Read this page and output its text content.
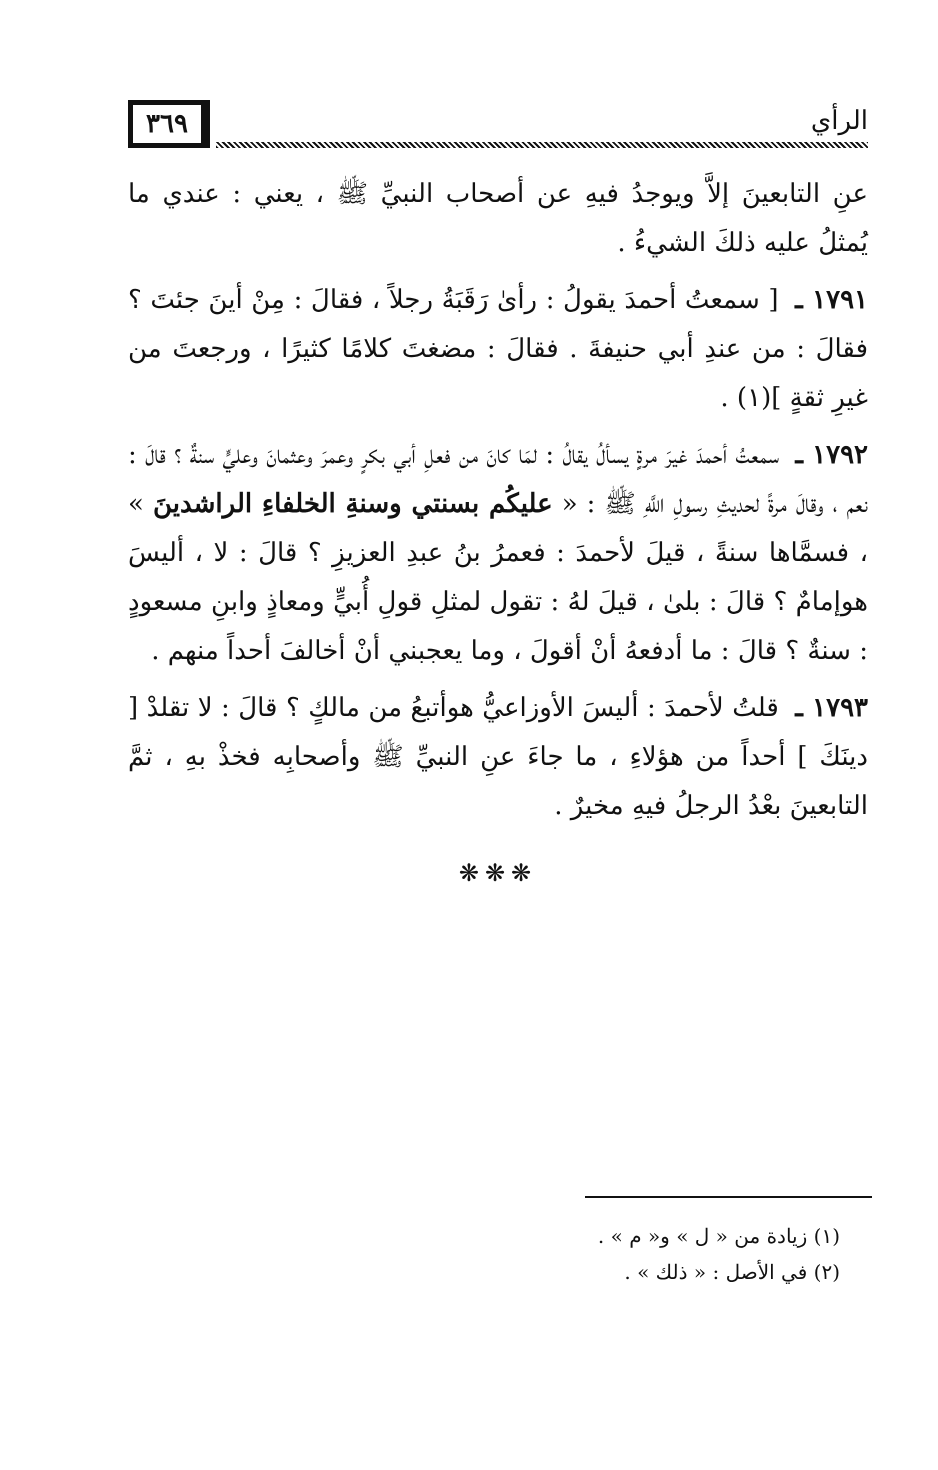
٣٦٩	الرأي

عنِ التابعينَ إلاَّ ويوجدُ فيهِ عن أصحاب النبيِّ ﷺ ، يعني : عندي ما يُمثلُ عليه ذلكَ الشيءُ .

١٧٩١ ـ [ سمعتُ أحمدَ يقولُ : رأىٰ رَقَبَةُ رجلاً ، فقالَ : مِنْ أينَ جئتَ ؟ فقالَ : من عندِ أبي حنيفةَ . فقالَ : مضغتَ كلامًا كثيرًا ، ورجعتَ من غيرِ ثقةٍ ](١) .

١٧٩٢ ـ سمعتُ أحمدَ غيرَ مرةٍ يسألُ يقالُ : لمَا كانَ من فعلِ أبي بكرٍ وعمرَ وعثمانَ وعليٍّ سنةٌ ؟ قالَ : نعم ، وقالَ مرةً لحديثِ رسولِ اللَّهِ ﷺ : « عليكُم بسنتي وسنةِ الخلفاءِ الراشدينَ » ، فسمَّاها سنةً ، قيلَ لأحمدَ : فعمرُ بنُ عبدِ العزيزِ ؟ قالَ : لا ، أليسَ هوإمامٌ ؟ قالَ : بلىٰ ، قيلَ لهُ : تقول لمثلِ قولِ أُبيٍّ ومعاذٍ وابنِ مسعودٍ : سنةٌ ؟ قالَ : ما أدفعهُ أنْ أقولَ ، وما يعجبني أنْ أخالفَ أحداً منهم .

١٧٩٣ ـ قلتُ لأحمدَ : أليسَ الأوزاعيُّ هوأتبعُ من مالكٍ ؟ قالَ : لا تقلدْ [ دينَكَ ] أحداً من هؤلاءِ ، ما جاءَ عنِ النبيِّ ﷺ وأصحابِه فخذْ بهِ ، ثمَّ التابعينَ بعْدُ الرجلُ فيهِ مخيرٌ .

❋❋❋

(١) زيادة من « ل » و« م » .

(٢) في الأصل : « ذلك » .
